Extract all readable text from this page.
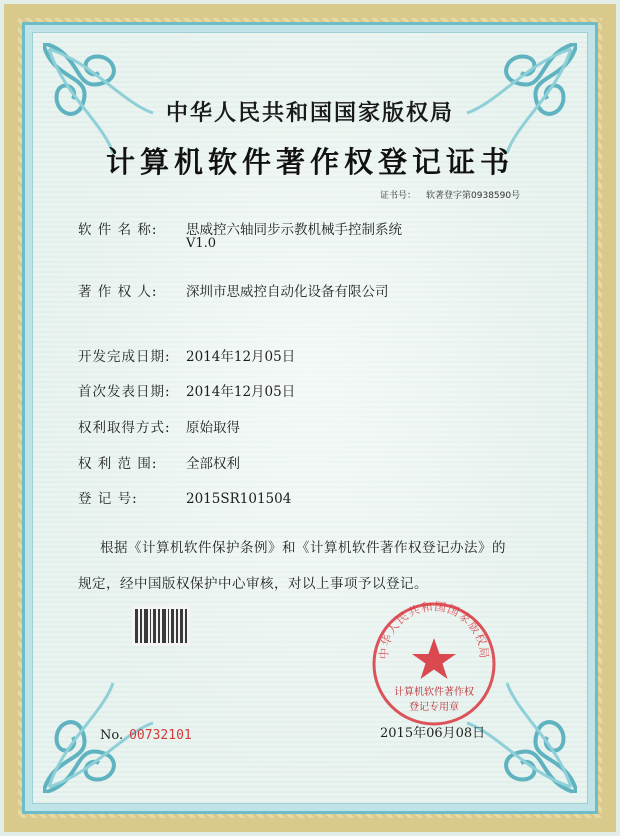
中华人民共和国国家版权局
计算机软件著作权登记证书
证书号： 软著登字第0938590号
软 件 名 称: 思威控六轴同步示教机械手控制系统
V1.0
著 作 权 人: 深圳市思威控自动化设备有限公司
开发完成日期: 2014年12月05日
首次发表日期: 2014年12月05日
权利取得方式: 原始取得
权 利 范 围: 全部权利
登 记 号:	2015SR101504
根据《计算机软件保护条例》和《计算机软件著作权登记办法》的
规定，经中国版权保护中心审核，对以上事项予以登记。
中华人民共和国国家版权局
计算机软件著作权
登记专用章
2015年06月08日
No. 00732101
